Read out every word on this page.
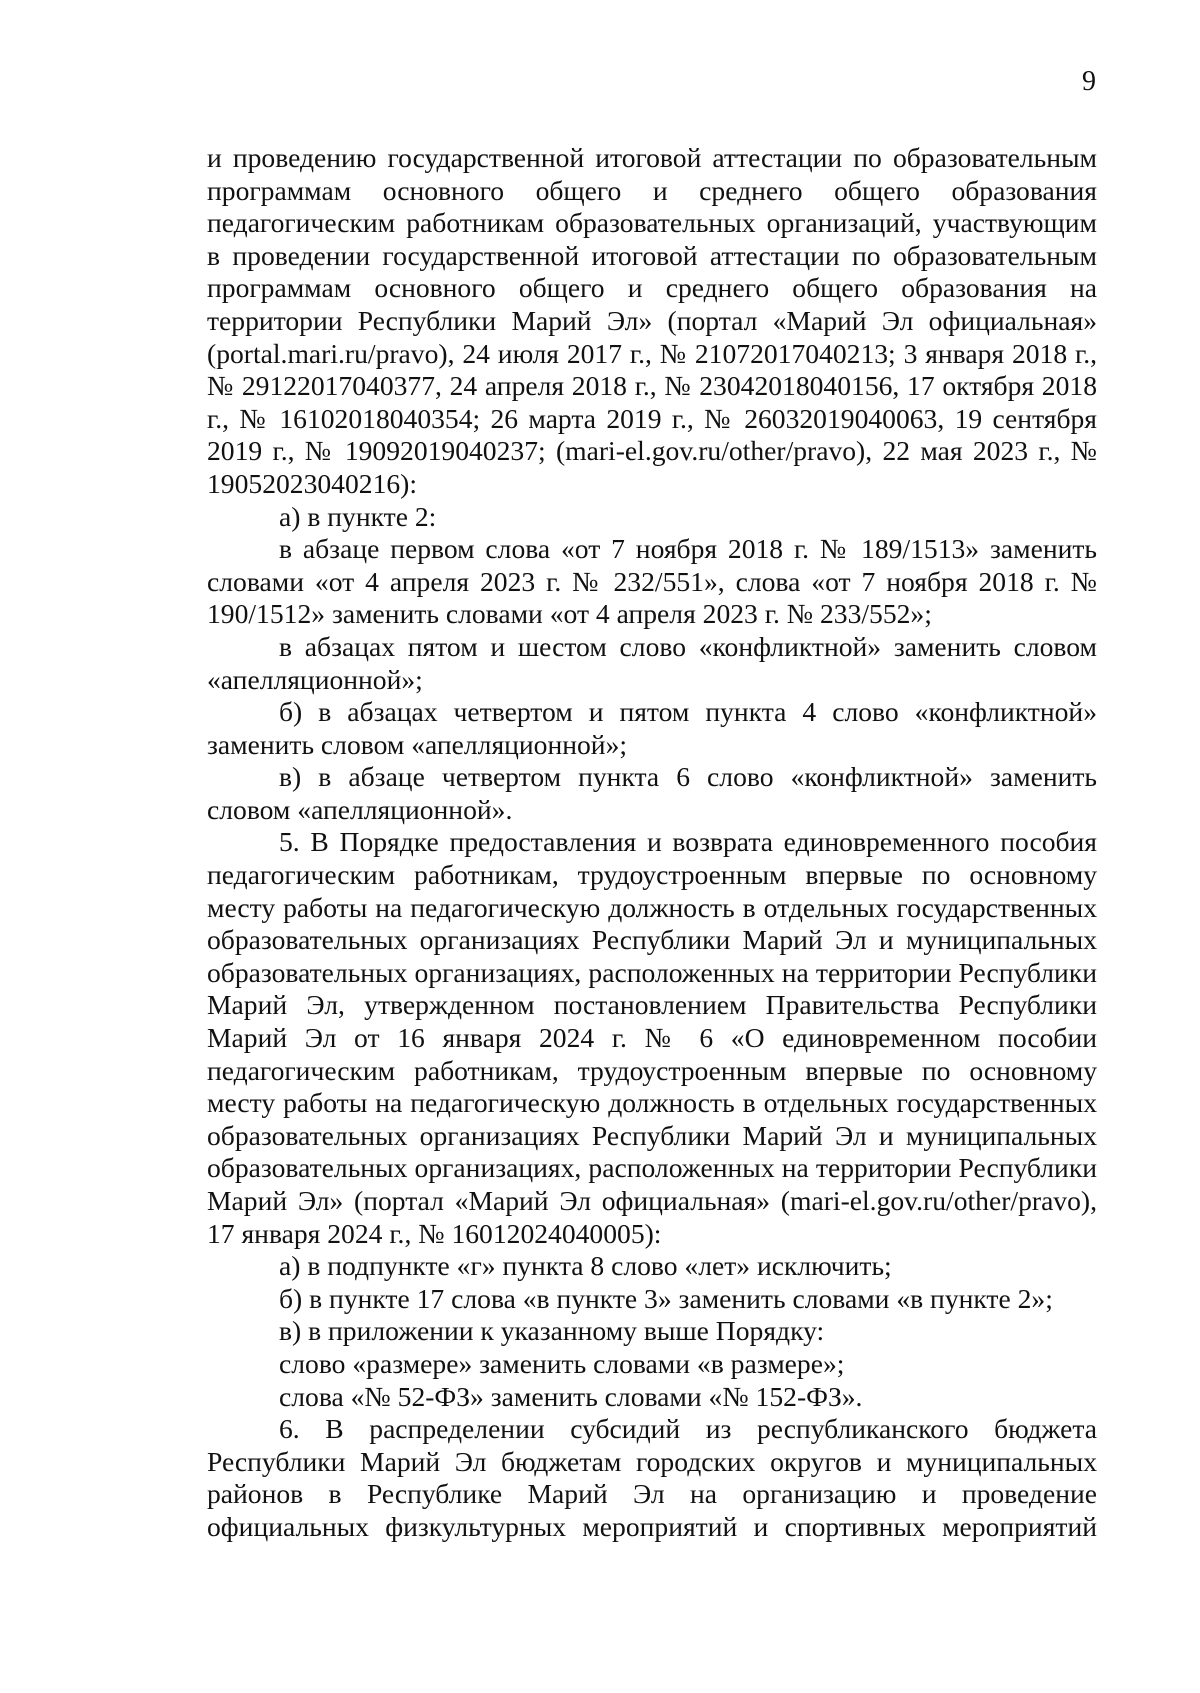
9

и проведению государственной итоговой аттестации по образовательным программам основного общего и среднего общего образования педагогическим работникам образовательных организаций, участвующим в проведении государственной итоговой аттестации по образовательным программам основного общего и среднего общего образования на территории Республики Марий Эл» (портал «Марий Эл официальная» (portal.mari.ru/pravo), 24 июля 2017 г., № 21072017040213; 3 января 2018 г., № 29122017040377, 24 апреля 2018 г., № 23042018040156, 17 октября 2018 г., № 16102018040354; 26 марта 2019 г., № 26032019040063, 19 сентября 2019 г., № 19092019040237; (mari-el.gov.ru/other/pravo), 22 мая 2023 г., № 19052023040216):

а) в пункте 2:

в абзаце первом слова «от 7 ноября 2018 г. № 189/1513» заменить словами «от 4 апреля 2023 г. № 232/551», слова «от 7 ноября 2018 г. № 190/1512» заменить словами «от 4 апреля 2023 г. № 233/552»;

в абзацах пятом и шестом слово «конфликтной» заменить словом «апелляционной»;

б) в абзацах четвертом и пятом пункта 4 слово «конфликтной» заменить словом «апелляционной»;

в) в абзаце четвертом пункта 6 слово «конфликтной» заменить словом «апелляционной».

5. В Порядке предоставления и возврата единовременного пособия педагогическим работникам, трудоустроенным впервые по основному месту работы на педагогическую должность в отдельных государственных образовательных организациях Республики Марий Эл и муниципальных образовательных организациях, расположенных на территории Республики Марий Эл, утвержденном постановлением Правительства Республики Марий Эл от 16 января 2024 г. № 6 «О единовременном пособии педагогическим работникам, трудоустроенным впервые по основному месту работы на педагогическую должность в отдельных государственных образовательных организациях Республики Марий Эл и муниципальных образовательных организациях, расположенных на территории Республики Марий Эл» (портал «Марий Эл официальная» (mari-el.gov.ru/other/pravo), 17 января 2024 г., № 16012024040005):

а) в подпункте «г» пункта 8 слово «лет» исключить;

б) в пункте 17 слова «в пункте 3» заменить словами «в пункте 2»;

в) в приложении к указанному выше Порядку:

слово «размере» заменить словами «в размере»;

слова «№ 52-ФЗ» заменить словами «№ 152-ФЗ».

6. В распределении субсидий из республиканского бюджета Республики Марий Эл бюджетам городских округов и муниципальных районов в Республике Марий Эл на организацию и проведение официальных физкультурных мероприятий и спортивных мероприятий
